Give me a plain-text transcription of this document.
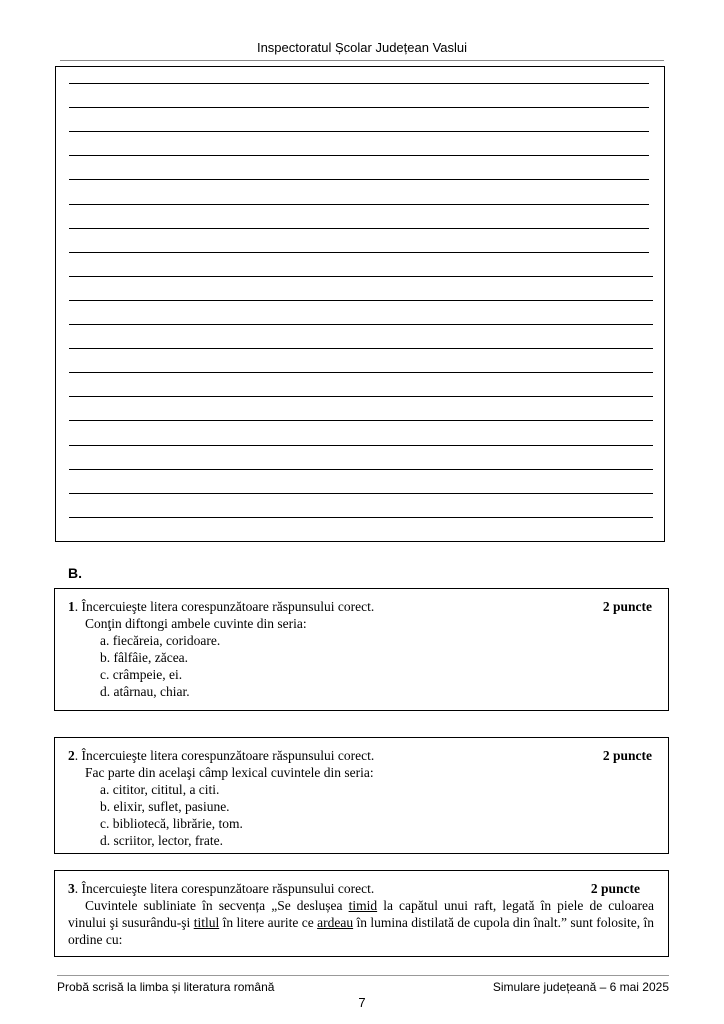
Inspectoratul Școlar Județean Vaslui
B.
1. Încercuieşte litera corespunzătoare răspunsului corect.	2 puncte
Conţin diftongi ambele cuvinte din seria:
a. fiecăreia, coridoare.
b. fâlfâie, zăcea.
c. crâmpeie, ei.
d. atârnau, chiar.
2. Încercuieşte litera corespunzătoare răspunsului corect.	2 puncte
Fac parte din acelaşi câmp lexical cuvintele din seria:
a. cititor, cititul, a citi.
b. elixir, suflet, pasiune.
c. bibliotecă, librărie, tom.
d. scriitor, lector, frate.
3. Încercuieşte litera corespunzătoare răspunsului corect.	2 puncte
Cuvintele subliniate în secvența „Se deslușea timid la capătul unui raft, legată în piele de culoarea vinului şi susurându-şi titlul în litere aurite ce ardeau în lumina distilată de cupola din înalt.” sunt folosite, în ordine cu:
Probă scrisă la limba și literatura română	Simulare județeană – 6 mai 2025
7
